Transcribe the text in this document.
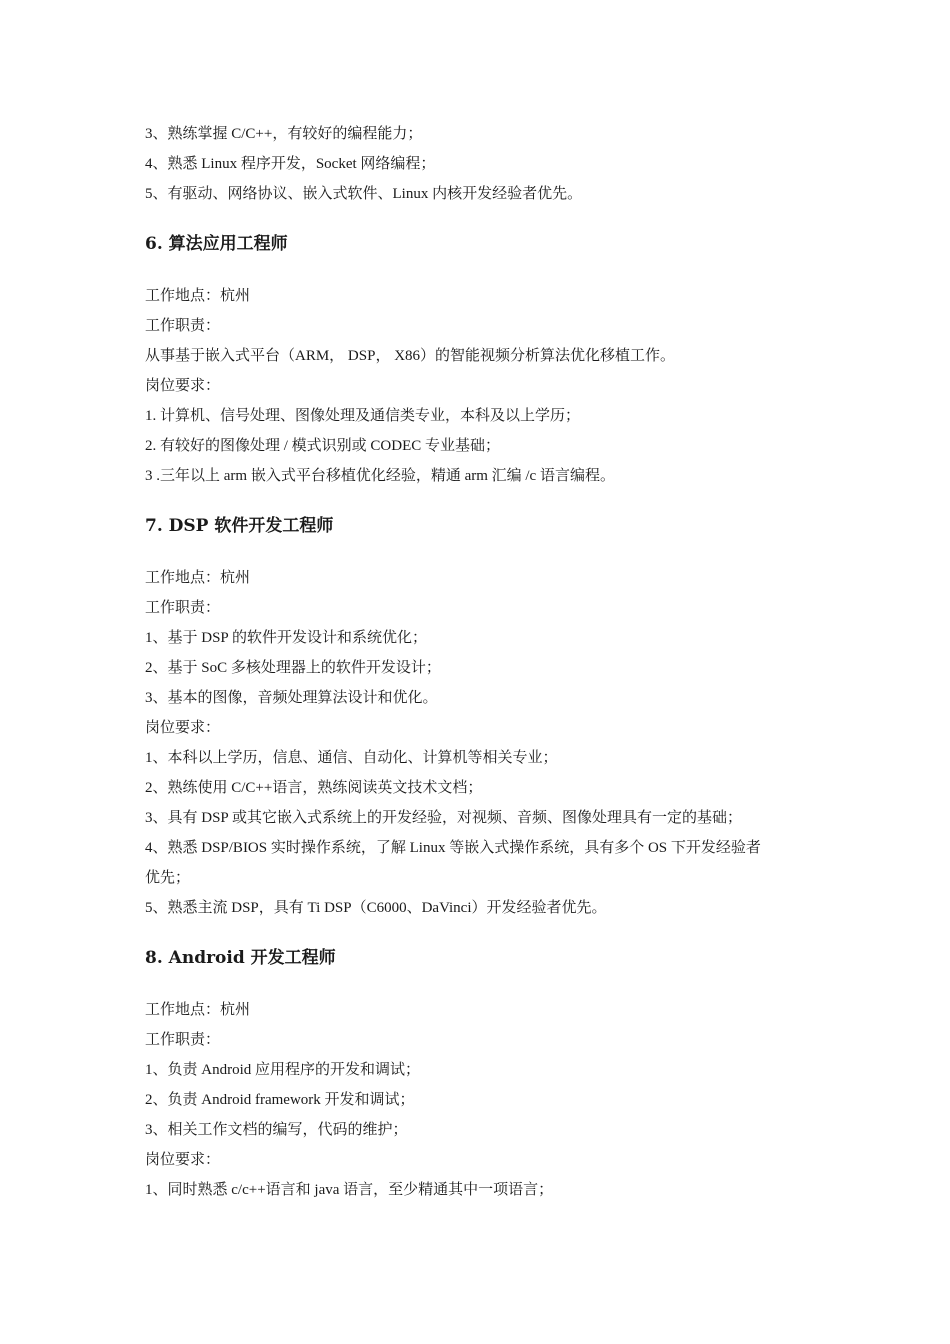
3、熟练掌握 C/C++，有较好的编程能力；

4、熟悉 Linux 程序开发，Socket 网络编程；

5、有驱动、网络协议、嵌入式软件、Linux 内核开发经验者优先。

6. 算法应用工程师

工作地点：杭州

工作职责：

从事基于嵌入式平台（ARM， DSP， X86）的智能视频分析算法优化移植工作。

岗位要求：

1. 计算机、信号处理、图像处理及通信类专业，本科及以上学历；

2. 有较好的图像处理 / 模式识别或 CODEC 专业基础；

3 .三年以上 arm 嵌入式平台移植优化经验，精通 arm 汇编 /c 语言编程。

7. DSP 软件开发工程师

工作地点：杭州

工作职责：

1、基于 DSP 的软件开发设计和系统优化；

2、基于 SoC 多核处理器上的软件开发设计；

3、基本的图像，音频处理算法设计和优化。

岗位要求：

1、本科以上学历，信息、通信、自动化、计算机等相关专业；

2、熟练使用 C/C++语言，熟练阅读英文技术文档；

3、具有 DSP 或其它嵌入式系统上的开发经验，对视频、音频、图像处理具有一定的基础；

4、熟悉 DSP/BIOS 实时操作系统，了解 Linux 等嵌入式操作系统，具有多个 OS 下开发经验者

优先；

5、熟悉主流 DSP，具有 Ti DSP（C6000、DaVinci）开发经验者优先。

8. Android 开发工程师

工作地点：杭州

工作职责：

1、负责 Android 应用程序的开发和调试；

2、负责 Android framework 开发和调试；

3、相关工作文档的编写，代码的维护；

岗位要求：

1、同时熟悉 c/c++语言和 java 语言，至少精通其中一项语言；
